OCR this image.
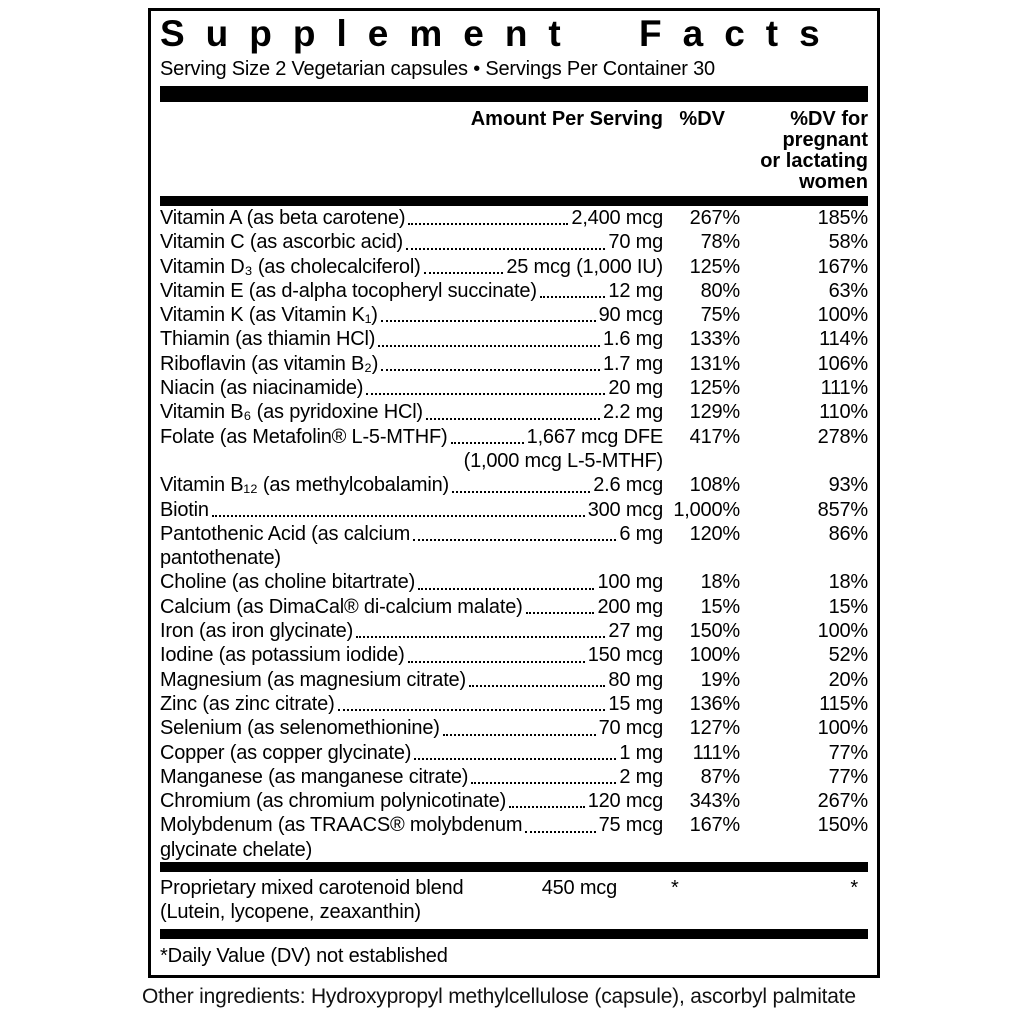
Supplement Facts
Serving Size 2 Vegetarian capsules • Servings Per Container 30
Amount Per Serving %DV	%DV for
pregnant
or lactating
women
Vitamin A (as beta carotene)	2,400 mcg	267%	185%
Vitamin C (as ascorbic acid)	70 mg	78%	58%
Vitamin D₃ (as cholecalciferol)	25 mcg (1,000 IU)	125%	167%
Vitamin E (as d-alpha tocopheryl succinate)	12 mg	80%	63%
Vitamin K (as Vitamin K₁)	90 mcg	75%	100%
Thiamin (as thiamin HCl)	1.6 mg	133%	114%
Riboflavin (as vitamin B₂)	1.7 mg	131%	106%
Niacin (as niacinamide)	20 mg	125%	111%
Vitamin B₆ (as pyridoxine HCl)	2.2 mg	129%	110%
Folate (as Metafolin® L-5-MTHF)	1,667 mcg DFE	417%	278%
(1,000 mcg L-5-MTHF)
Vitamin B₁₂ (as methylcobalamin)	2.6 mcg	108%	93%
Biotin	300 mcg 1,000%	857%
Pantothenic Acid (as calcium	6 mg	120%	86%
pantothenate)
Choline (as choline bitartrate)	100 mg	18%	18%
Calcium (as DimaCal® di-calcium malate)	200 mg	15%	15%
Iron (as iron glycinate)	27 mg	150%	100%
Iodine (as potassium iodide)	150 mcg	100%	52%
Magnesium (as magnesium citrate)	80 mg	19%	20%
Zinc (as zinc citrate)	15 mg	136%	115%
Selenium (as selenomethionine)	70 mcg	127%	100%
Copper (as copper glycinate)	1 mg	111%	77%
Manganese (as manganese citrate)	2 mg	87%	77%
Chromium (as chromium polynicotinate)	120 mcg	343%	267%
Molybdenum (as TRAACS® molybdenum	75 mcg	167%	150%
glycinate chelate)
Proprietary mixed carotenoid blend	450 mcg	*	*
(Lutein, lycopene, zeaxanthin)
*Daily Value (DV) not established
Other ingredients: Hydroxypropyl methylcellulose (capsule), ascorbyl palmitate
